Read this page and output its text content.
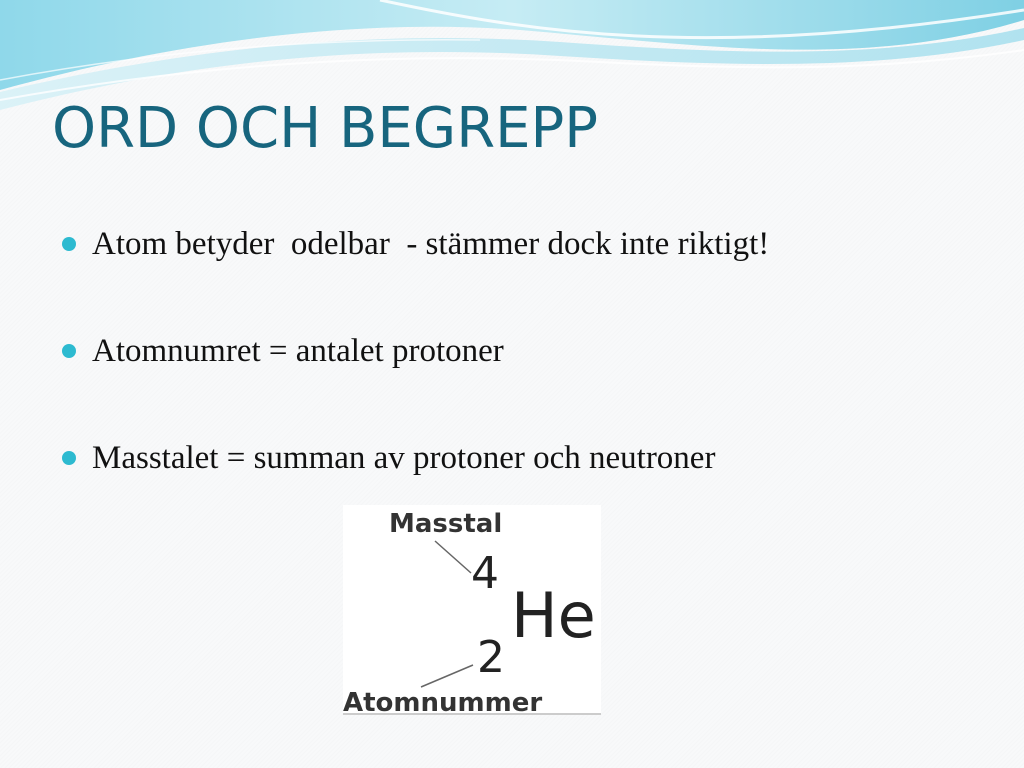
ORD OCH BEGREPP

Atom betyder  odelbar  - stämmer dock inte riktigt!

Atomnumret = antalet protoner

Masstalet = summan av protoner och neutroner

Masstal
4
He
2
Atomnummer
